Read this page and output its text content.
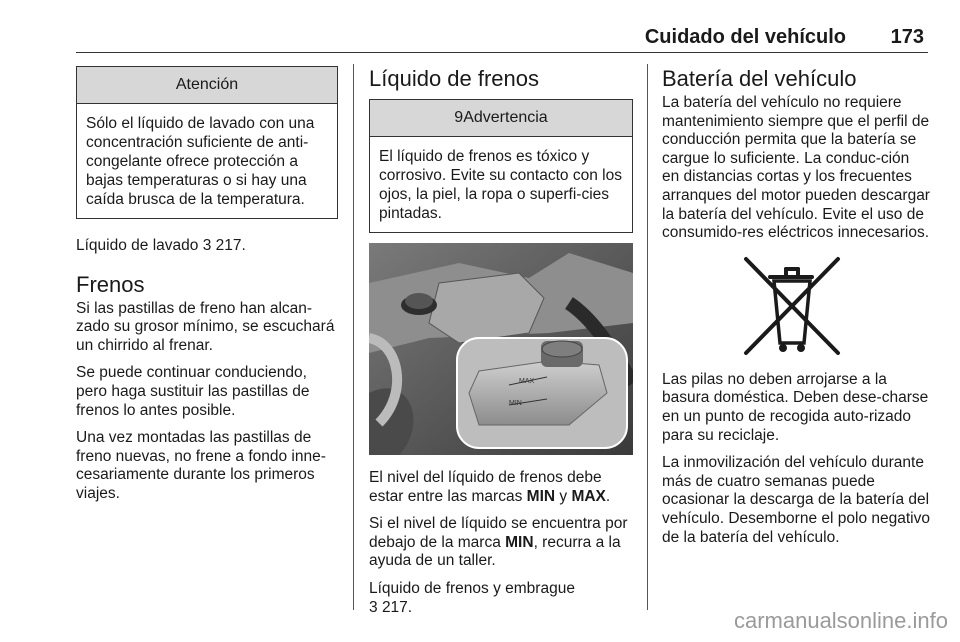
Cuidado del vehículo 173
Atención
Sólo el líquido de lavado con una concentración suficiente de anti-congelante ofrece protección a bajas temperaturas o si hay una caída brusca de la temperatura.

Líquido de lavado 3 217.

Frenos

Si las pastillas de freno han alcan-zado su grosor mínimo, se escuchará un chirrido al frenar.

Se puede continuar conduciendo, pero haga sustituir las pastillas de frenos lo antes posible.

Una vez montadas las pastillas de freno nuevas, no frene a fondo inne-cesariamente durante los primeros viajes.

Líquido de frenos
9Advertencia
El líquido de frenos es tóxico y corrosivo. Evite su contacto con los ojos, la piel, la ropa o superfi-cies pintadas.
MAX
MIN

El nivel del líquido de frenos debe estar entre las marcas MIN y MAX.

Si el nivel de líquido se encuentra por debajo de la marca MIN, recurra a la ayuda de un taller.

Líquido de frenos y embrague
3 217.

Batería del vehículo

La batería del vehículo no requiere mantenimiento siempre que el perfil de conducción permita que la batería se cargue lo suficiente. La conduc-ción en distancias cortas y los frecuentes arranques del motor pueden descargar la batería del vehículo. Evite el uso de consumido-res eléctricos innecesarios.

Las pilas no deben arrojarse a la basura doméstica. Deben dese-charse en un punto de recogida auto-rizado para su reciclaje.

La inmovilización del vehículo durante más de cuatro semanas puede ocasionar la descarga de la batería del vehículo. Desemborne el polo negativo de la batería del vehículo.

carmanualsonline.info
